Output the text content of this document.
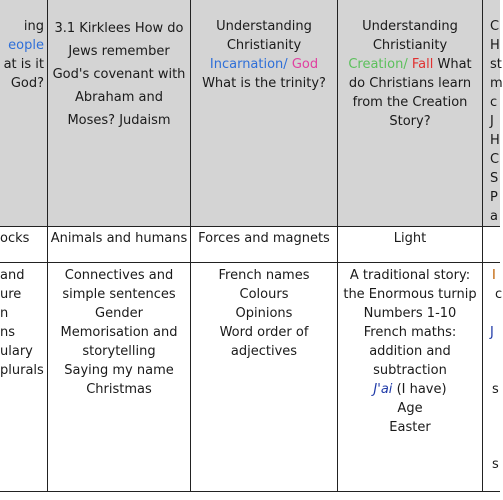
ing
eople
at is it
God?
3.1 Kirklees How do
Jews remember
God's covenant with
Abraham and
Moses? Judaism
Understanding
Christianity
Incarnation/ God
What is the trinity?
Understanding
Christianity
Creation/ Fall What
do Christians learn
from the Creation
Story?
C
H
st
m
c
J
H
C
S
P
a
ocks Animals and humans Forces and magnets	Light
and
ure
n
ns
ulary
plurals
Connectives and
simple sentences
Gender
Memorisation and
storytelling
Saying my name
Christmas
French names
Colours
Opinions
Word order of
adjectives
A traditional story:
the Enormous turnip
Numbers 1-10
French maths:
addition and
subtraction
J'ai (I have)
Age
Easter
I
c
J
s
s
